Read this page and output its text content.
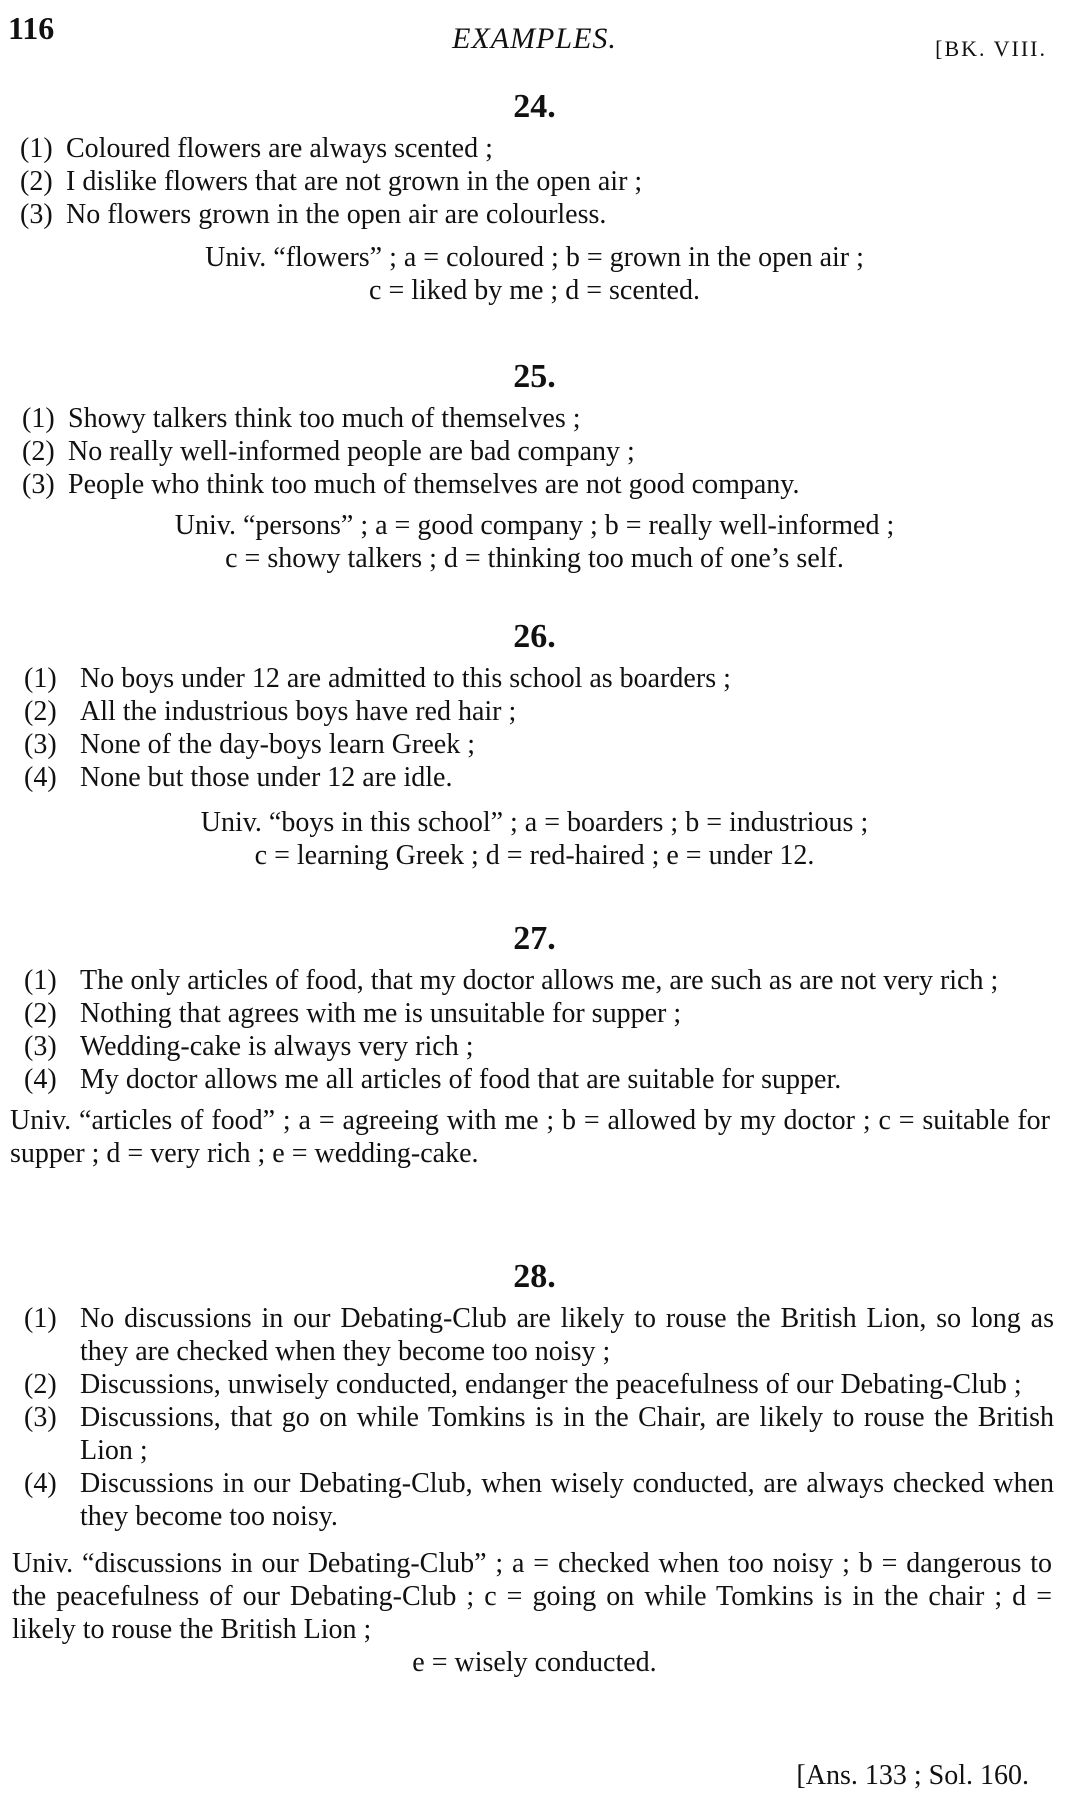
116	EXAMPLES.	[BK. VIII.
24.
(1) Coloured flowers are always scented ;
(2) I dislike flowers that are not grown in the open air ;
(3) No flowers grown in the open air are colourless.
Univ. “flowers” ; a = coloured ; b = grown in the open air ;
c = liked by me ; d = scented.
25.
(1) Showy talkers think too much of themselves ;
(2) No really well-informed people are bad company ;
(3) People who think too much of themselves are not good company.
Univ. “persons” ; a = good company ; b = really well-informed ;
c = showy talkers ; d = thinking too much of one’s self.
26.
(1) No boys under 12 are admitted to this school as boarders ;
(2) All the industrious boys have red hair ;
(3) None of the day-boys learn Greek ;
(4) None but those under 12 are idle.
Univ. “boys in this school” ; a = boarders ; b = industrious ;
c = learning Greek ; d = red-haired ; e = under 12.
27.
(1) The only articles of food, that my doctor allows me, are such as are not very rich ;
(2) Nothing that agrees with me is unsuitable for supper ;
(3) Wedding-cake is always very rich ;
(4) My doctor allows me all articles of food that are suitable for supper.
Univ. “articles of food” ; a = agreeing with me ; b = allowed by my doctor ; c = suitable for supper ; d = very rich ; e = wedding-cake.
28.
(1) No discussions in our Debating-Club are likely to rouse the British Lion, so long as they are checked when they become too noisy ;
(2) Discussions, unwisely conducted, endanger the peacefulness of our Debating-Club ;
(3) Discussions, that go on while Tomkins is in the Chair, are likely to rouse the British Lion ;
(4) Discussions in our Debating-Club, when wisely conducted, are always checked when they become too noisy.
Univ. “discussions in our Debating-Club” ; a = checked when too noisy ; b = dangerous to the peacefulness of our Debating-Club ; c = going on while Tomkins is in the chair ; d = likely to rouse the British Lion ;
e = wisely conducted.
[Ans. 133 ; Sol. 160.
